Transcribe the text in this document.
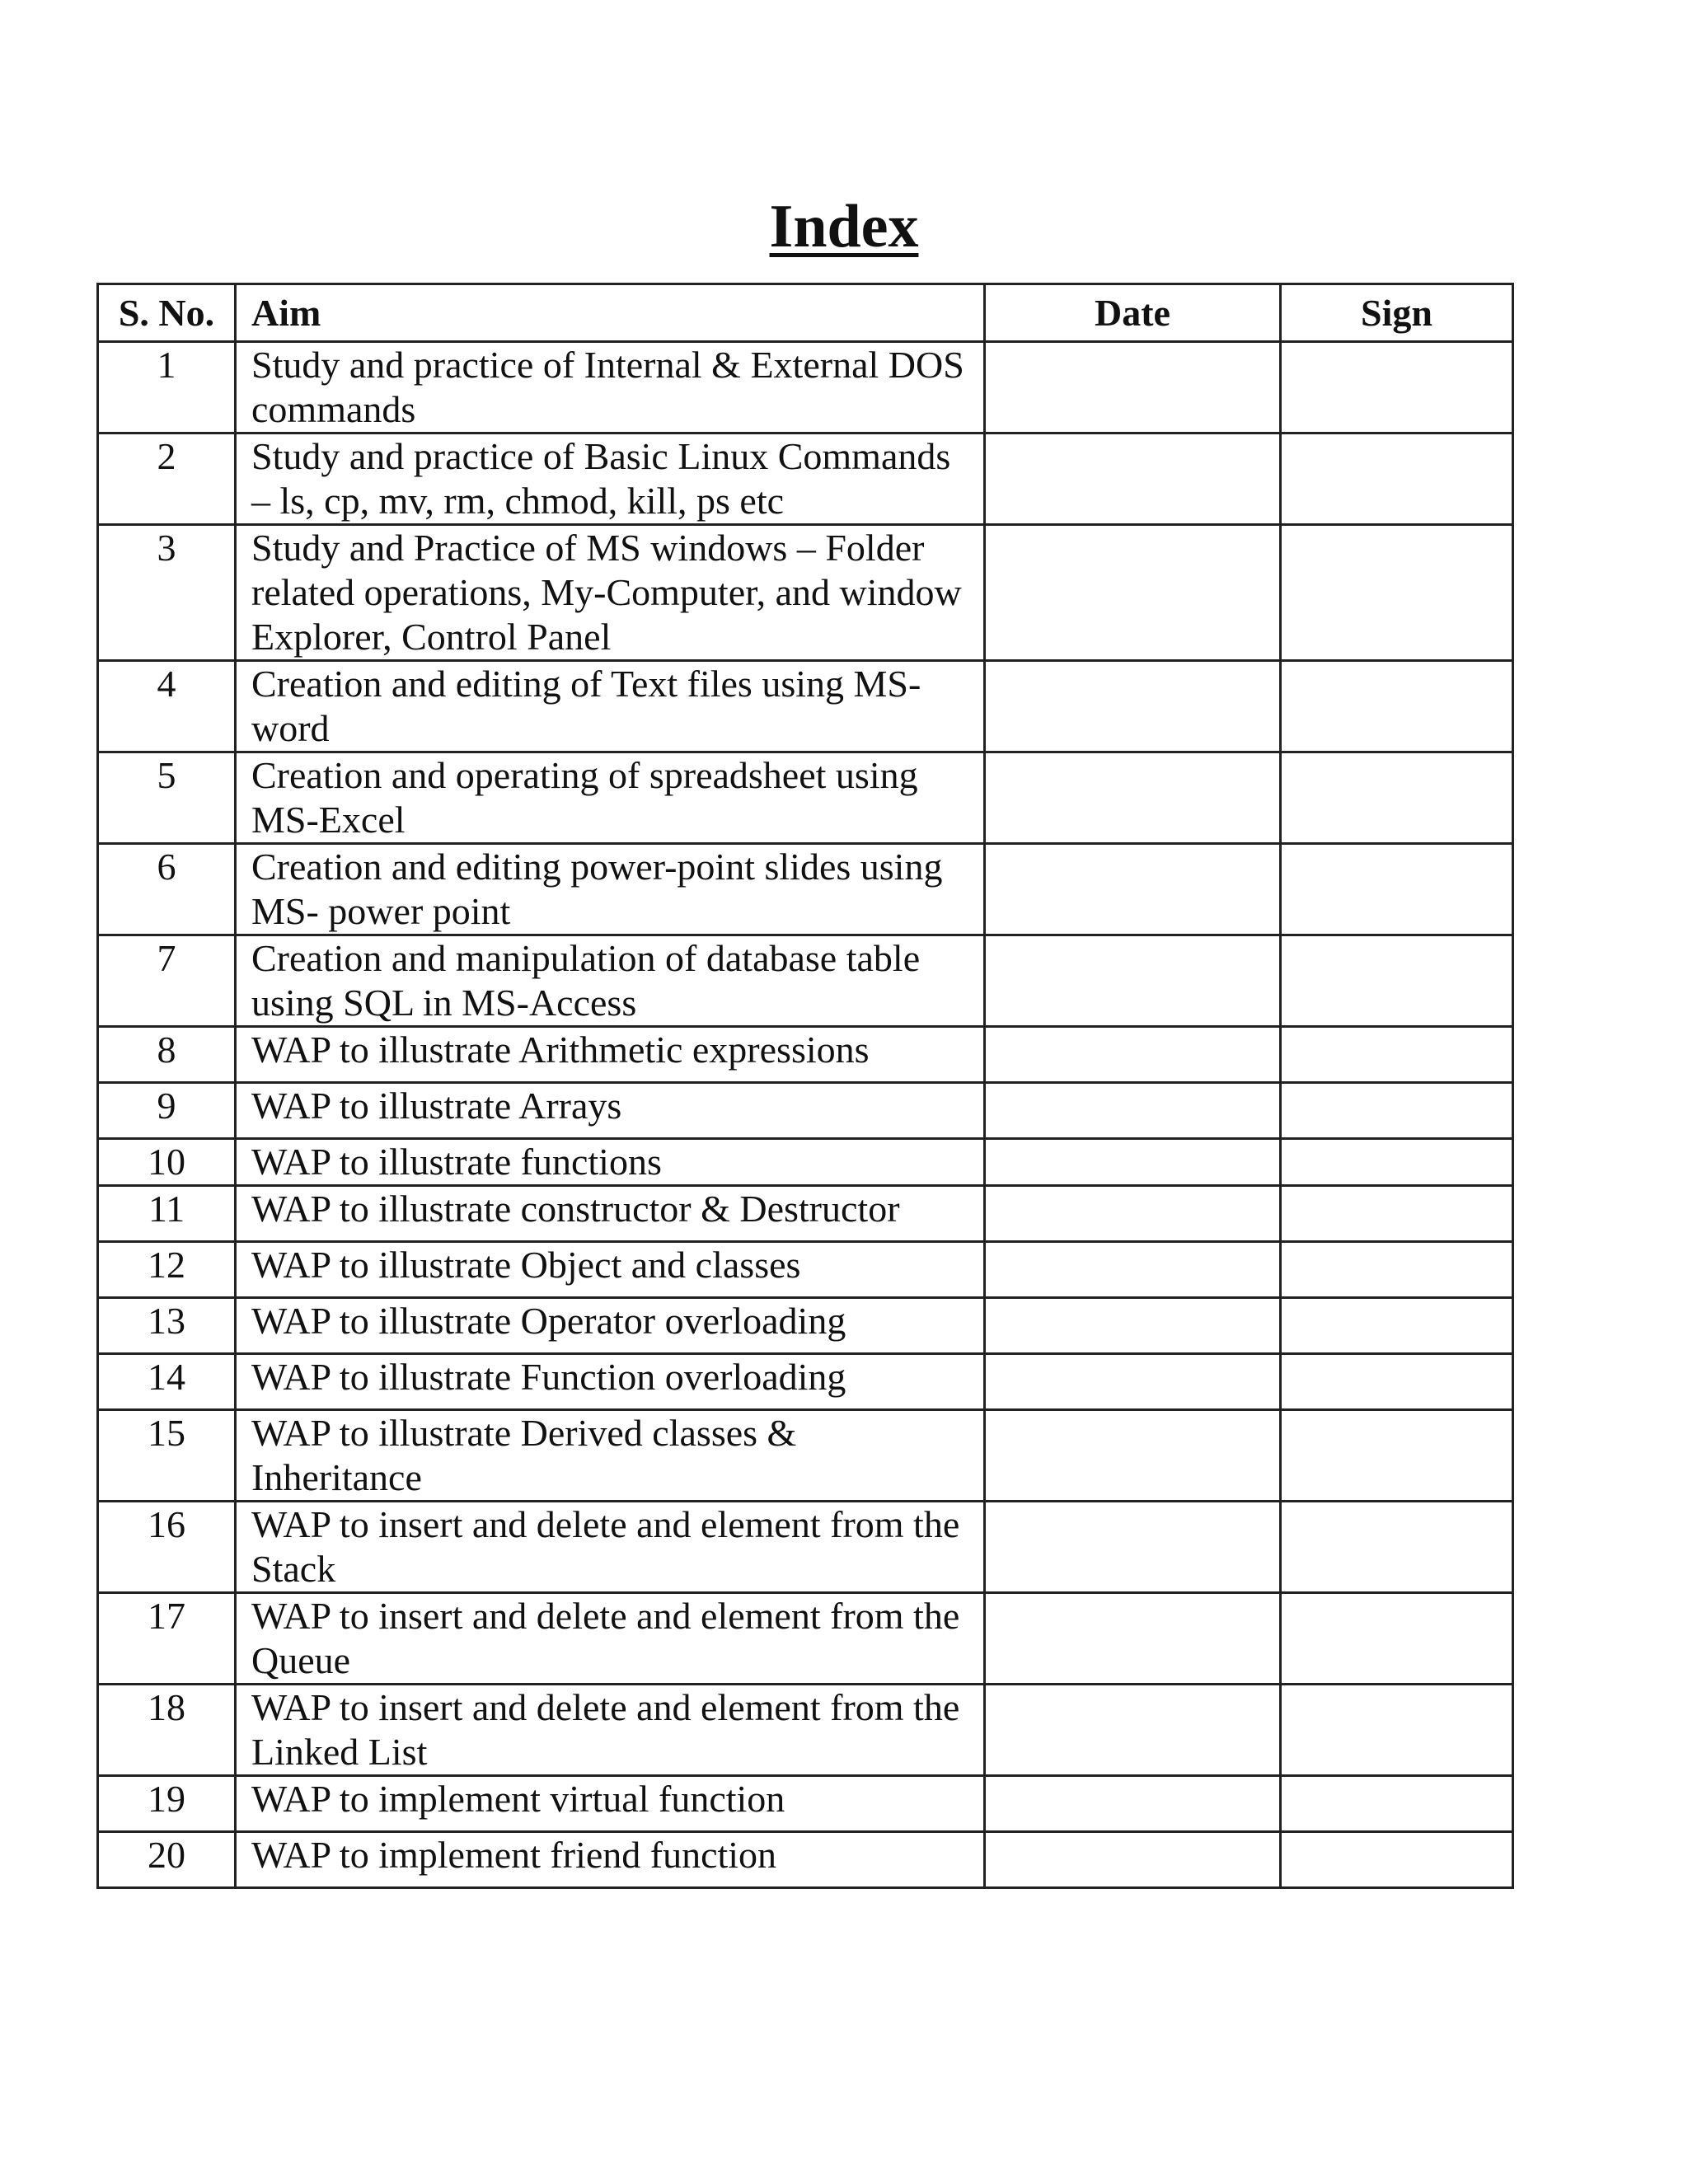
Index
S. No.	Aim	Date	Sign
1	Study and practice of Internal & External DOS commands		
2	Study and practice of Basic Linux Commands – ls, cp, mv, rm, chmod, kill, ps etc		
3	Study and Practice of MS windows – Folder related operations, My-Computer, and window Explorer, Control Panel		
4	Creation and editing of Text files using MS-word		
5	Creation and operating of spreadsheet using MS-Excel		
6	Creation and editing power-point slides using MS- power point		
7	Creation and manipulation of database table using SQL in MS-Access		
8	WAP to illustrate Arithmetic expressions		
9	WAP to illustrate Arrays		
10	WAP to illustrate functions		
11	WAP to illustrate constructor & Destructor		
12	WAP to illustrate Object and classes		
13	WAP to illustrate Operator overloading		
14	WAP to illustrate Function overloading		
15	WAP to illustrate Derived classes & Inheritance		
16	WAP to insert and delete and element from the Stack		
17	WAP to insert and delete and element from the Queue		
18	WAP to insert and delete and element from the Linked List		
19	WAP to implement virtual function		
20	WAP to implement friend function		
